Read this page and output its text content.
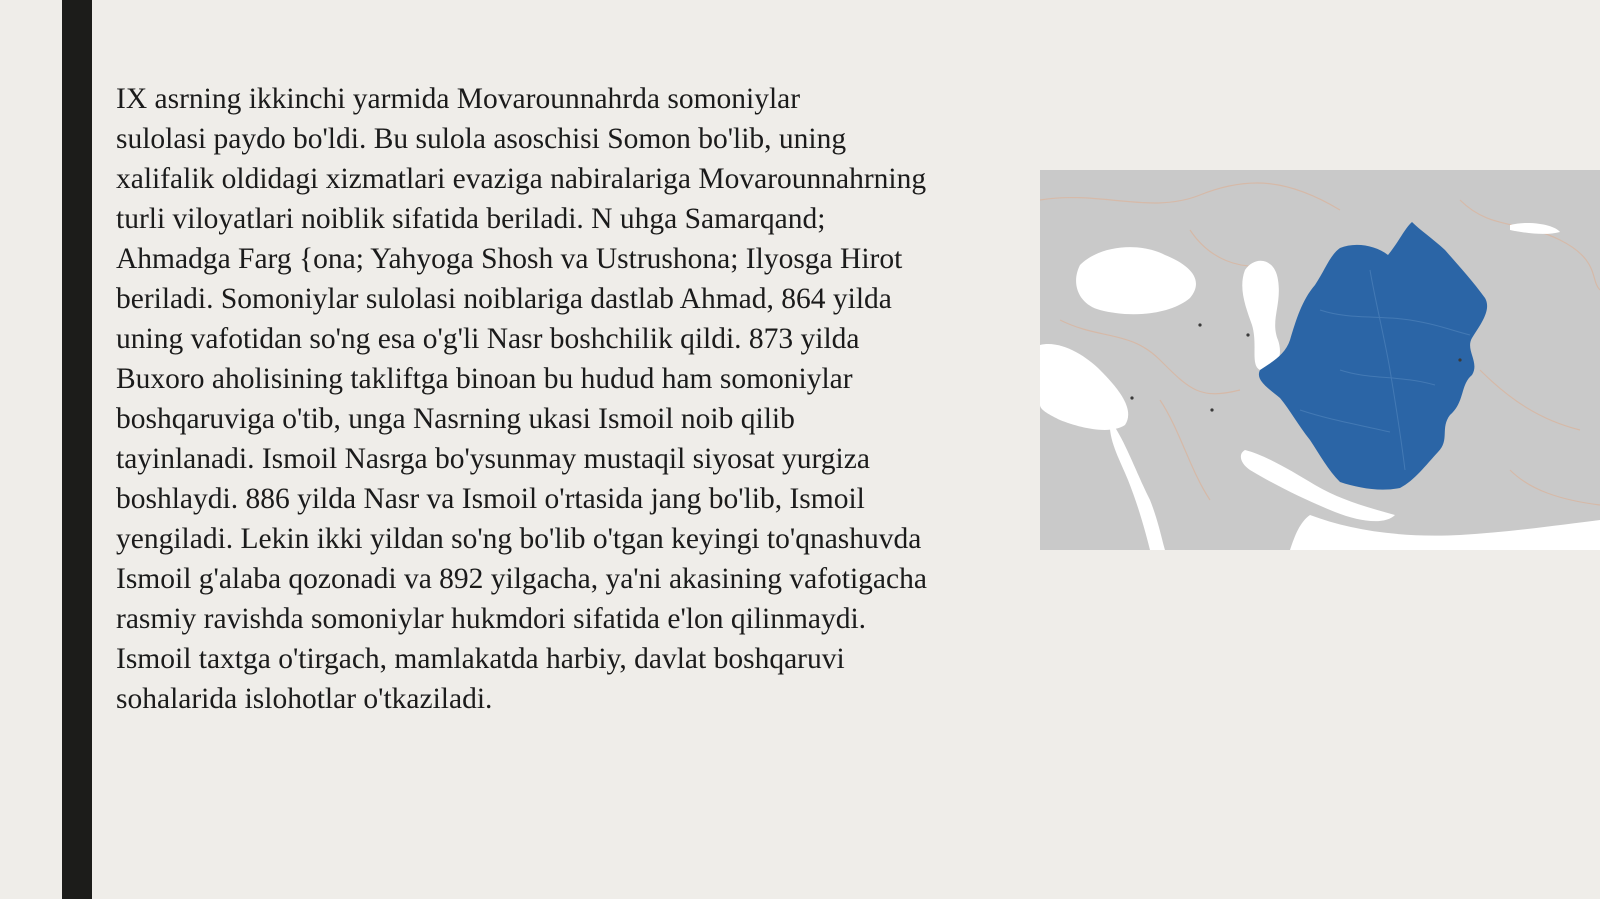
IX asrning ikkinchi yarmida Movarounnahrda somoniylar
sulolasi paydo bo'ldi. Bu sulola asoschisi Somon bo'lib, uning
xalifalik oldidagi xizmatlari evaziga nabiralariga Movarounnahrning
turli viloyatlari noiblik sifatida beriladi. N uhga Samarqand;
Ahmadga Farg {ona; Yahyoga Shosh va Ustrushona; Ilyosga Hirot
beriladi. Somoniylar sulolasi noiblariga dastlab Ahmad, 864 yilda
uning vafotidan so'ng esa o'g'li Nasr boshchilik qildi. 873 yilda
Buxoro aholisining takliftga binoan bu hudud ham somoniylar
boshqaruviga o'tib, unga Nasrning ukasi Ismoil noib qilib
tayinlanadi. Ismoil Nasrga bo'ysunmay mustaqil siyosat yurgiza
boshlaydi. 886 yilda Nasr va Ismoil o'rtasida jang bo'lib, Ismoil
yengiladi. Lekin ikki yildan so'ng bo'lib o'tgan keyingi to'qnashuvda
Ismoil g'alaba qozonadi va 892 yilgacha, ya'ni akasining vafotigacha
rasmiy ravishda somoniylar hukmdori sifatida e'lon qilinmaydi.
Ismoil taxtga o'tirgach, mamlakatda harbiy, davlat boshqaruvi
sohalarida islohotlar o'tkaziladi.
